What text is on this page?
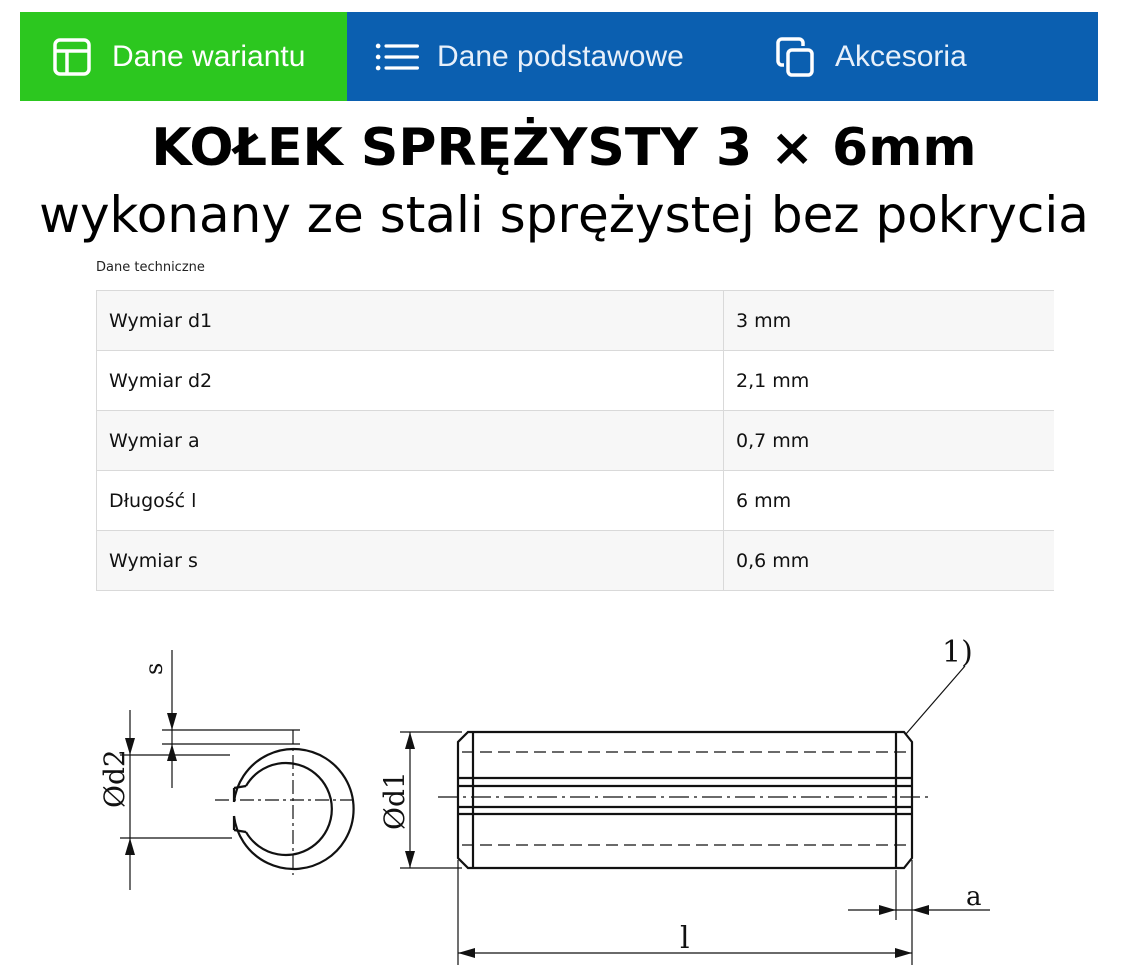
Dane wariantu	Dane podstawowe	Akcesoria
KOŁEK SPRĘŻYSTY 3 × 6mm
wykonany ze stali sprężystej bez pokrycia
Dane techniczne
Wymiar d1	3 mm
Wymiar d2	2,1 mm
Wymiar a	0,7 mm
Długość l	6 mm
Wymiar s	0,6 mm
Ød2
s
Ød1
1)
a
l
